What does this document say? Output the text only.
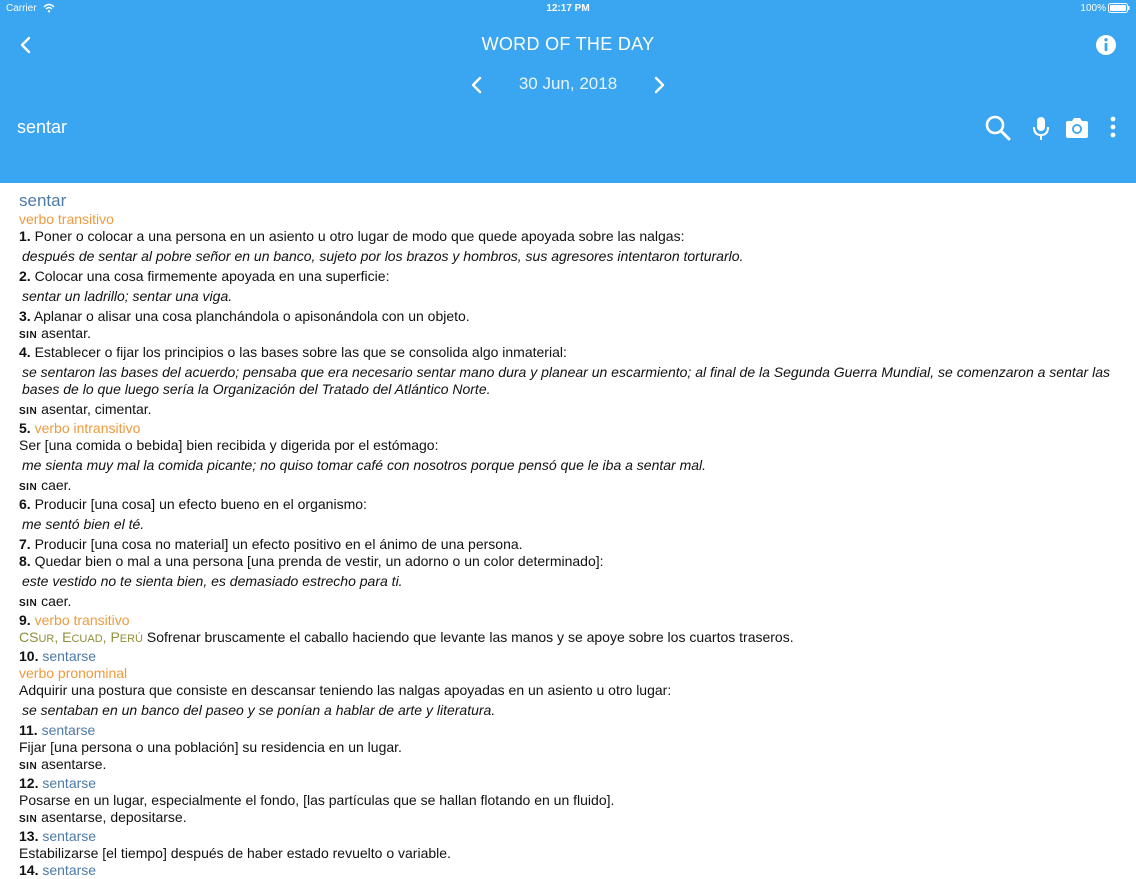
Carrier	12:17 PM	100%
WORD OF THE DAY
30 Jun, 2018
sentar
sentar
verbo transitivo
1. Poner o colocar a una persona en un asiento u otro lugar de modo que quede apoyada sobre las nalgas:
después de sentar al pobre señor en un banco, sujeto por los brazos y hombros, sus agresores intentaron torturarlo.
2. Colocar una cosa firmemente apoyada en una superficie:
sentar un ladrillo; sentar una viga.
3. Aplanar o alisar una cosa planchándola o apisonándola con un objeto.
SIN asentar.
4. Establecer o fijar los principios o las bases sobre las que se consolida algo inmaterial:
se sentaron las bases del acuerdo; pensaba que era necesario sentar mano dura y planear un escarmiento; al final de la Segunda Guerra Mundial, se comenzaron a sentar las bases de lo que luego sería la Organización del Tratado del Atlántico Norte.
SIN asentar, cimentar.
5. verbo intransitivo
Ser [una comida o bebida] bien recibida y digerida por el estómago:
me sienta muy mal la comida picante; no quiso tomar café con nosotros porque pensó que le iba a sentar mal.
SIN caer.
6. Producir [una cosa] un efecto bueno en el organismo:
me sentó bien el té.
7. Producir [una cosa no material] un efecto positivo en el ánimo de una persona.
8. Quedar bien o mal a una persona [una prenda de vestir, un adorno o un color determinado]:
este vestido no te sienta bien, es demasiado estrecho para ti.
SIN caer.
9. verbo transitivo
CSUR, ECUAD, PERÚ Sofrenar bruscamente el caballo haciendo que levante las manos y se apoye sobre los cuartos traseros.
10. sentarse
verbo pronominal
Adquirir una postura que consiste en descansar teniendo las nalgas apoyadas en un asiento u otro lugar:
se sentaban en un banco del paseo y se ponían a hablar de arte y literatura.
11. sentarse
Fijar [una persona o una población] su residencia en un lugar.
SIN asentarse.
12. sentarse
Posarse en un lugar, especialmente el fondo, [las partículas que se hallan flotando en un fluido].
SIN asentarse, depositarse.
13. sentarse
Estabilizarse [el tiempo] después de haber estado revuelto o variable.
14. sentarse
